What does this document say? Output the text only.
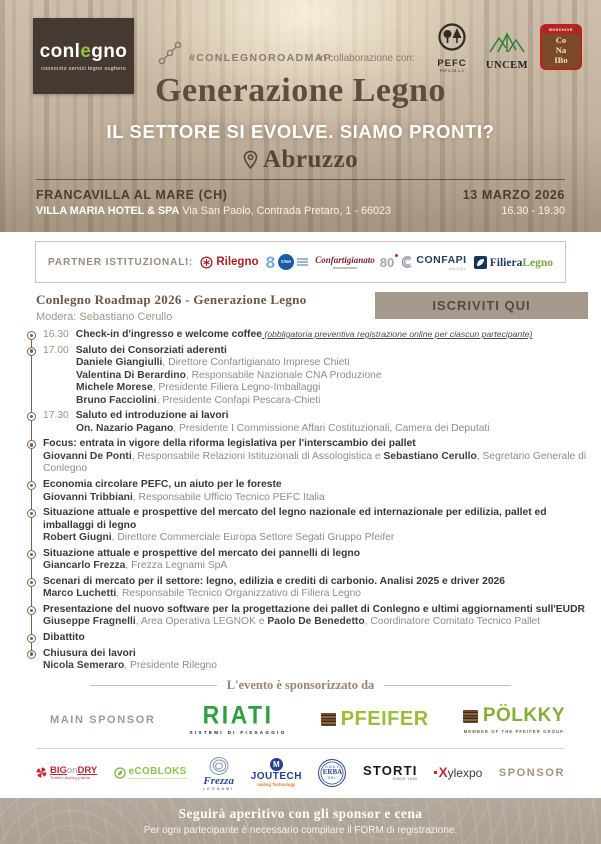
conlegno
consorzio servizi legno sughero
#CONLEGNOROADMAP
in collaborazione con:	PEFC
PEFC/18-1-1	UNCEM
BOSCHIVE
Co
Na
IBo
Generazione Legno
IL SETTORE SI EVOLVE. SIAMO PRONTI?
Abruzzo
FRANCAVILLA AL MARE (CH)
VILLA MARIA HOTEL & SPA Via San Paolo, Contrada Pretaro, 1 - 66023
13 MARZO 2026
16.30 - 19.30
PARTNER ISTITUZIONALI: Rilegno 8	CNA	Confartigianato 80 CONFAPI
UNITAL FilieraLegno
Conlegno Roadmap 2026 - Generazione Legno
Modera: Sebastiano Cerullo
ISCRIVITI QUI
16.30 Check-in d'ingresso e welcome coffee (obbligatoria preventiva registrazione online per ciascun partecipante)
17.00 Saluto dei Consorziati aderenti
Daniele Giangiulli, Direttore Confartigianato Imprese Chieti
Valentina Di Berardino, Responsabile Nazionale CNA Produzione
Michele Morese, Presidente Filiera Legno-Imballaggi
Bruno Facciolini, Presidente Confapi Pescara-Chieti
17.30 Saluto ed introduzione ai lavori
On. Nazario Pagano, Presidente I Commissione Affari Costituzionali, Camera dei Deputati
Focus: entrata in vigore della riforma legislativa per l'interscambio dei pallet
Giovanni De Ponti, Responsabile Relazioni Istituzionali di Assologistica e Sebastiano Cerullo, Segretario Generale di Conlegno
Economia circolare PEFC, un aiuto per le foreste
Giovanni Tribbiani, Responsabile Ufficio Tecnico PEFC Italia
Situazione attuale e prospettive del mercato del legno nazionale ed internazionale per edilizia, pallet ed imballaggi di legno
Robert Giugni, Direttore Commerciale Europa Settore Segati Gruppo Pfeifer
Situazione attuale e prospettive del mercato dei pannelli di legno
Giancarlo Frezza, Frezza Legnami SpA
Scenari di mercato per il settore: legno, edilizia e crediti di carbonio. Analisi 2025 e driver 2026
Marco Luchetti, Responsabile Tecnico Organizzativo di Filiera Legno
Presentazione del nuovo software per la progettazione dei pallet di Conlegno e ultimi aggiornamenti sull'EUDR
Giuseppe Fragnelli, Area Operativa LEGNOK e Paolo De Benedetto, Coordinatore Comitato Tecnico Pallet
Dibattito
Chiusura dei lavori
Nicola Semeraro, Presidente Rilegno
L'evento è sponsorizzato da
MAIN SPONSOR RIATI
SISTEMI DI FISSAGGIO
PFEIFER	PÖLKKY
MEMBER OF THE PFEIFER GROUP
BIGonDRY
Timber drying plants
eCOBLOKS
Frezza
LEGNAMI
M
JOUTECH
nailing Technology
O.M.E.V.
ERBA
S.R.L. STORTI
SINCE 1960 X ylexpo SPONSOR
Seguirà aperitivo con gli sponsor e cena
Per ogni partecipante è necessario compilare il FORM di registrazione.
